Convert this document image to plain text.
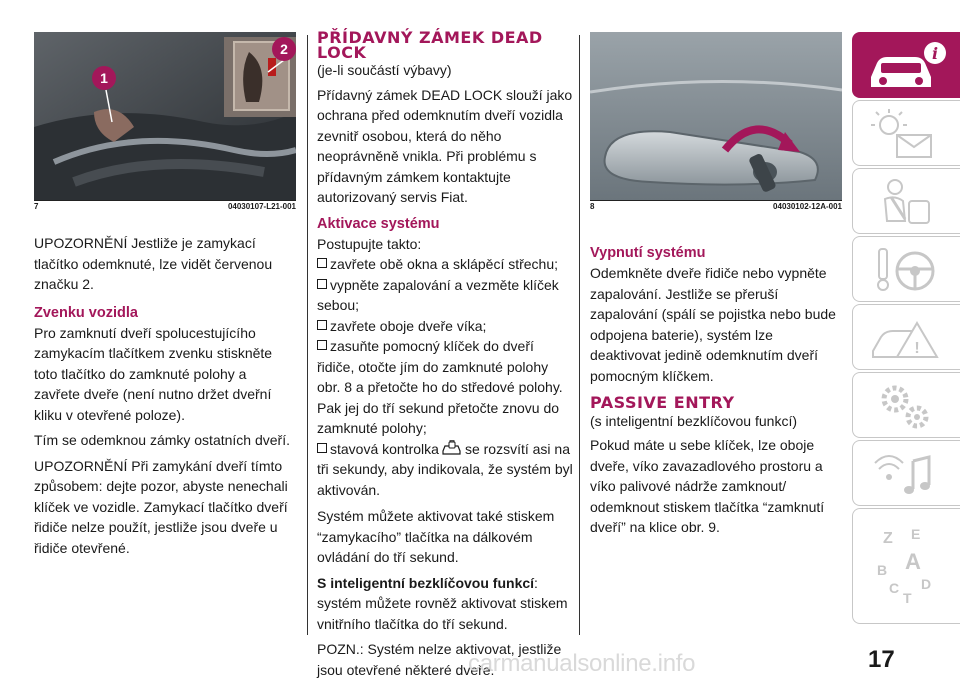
1
2
7	04030107-L21-001

UPOZORNĚNÍ Jestliže je zamykací tlačítko odemknuté, lze vidět červenou značku 2.

Zvenku vozidla

Pro zamknutí dveří spolucestujícího zamykacím tlačítkem zvenku stiskněte toto tlačítko do zamknuté polohy a zavřete dveře (není nutno držet dveřní kliku v otevřené poloze).

Tím se odemknou zámky ostatních dveří.

UPOZORNĚNÍ Při zamykání dveří tímto způsobem: dejte pozor, abyste nenechali klíček ve vozidle. Zamykací tlačítko dveří řidiče nelze použít, jestliže jsou dveře u řidiče otevřené.

PŘÍDAVNÝ ZÁMEK DEAD LOCK

(je-li součástí výbavy)

Přídavný zámek DEAD LOCK slouží jako ochrana před odemknutím dveří vozidla zevnitř osobou, která do něho neoprávněně vnikla. Při problému s přídavným zámkem kontaktujte autorizovaný servis Fiat.

Aktivace systému

Postupujte takto:

zavřete obě okna a sklápěcí střechu;

vypněte zapalování a vezměte klíček sebou;

zavřete oboje dveře víka;

zasuňte pomocný klíček do dveří řidiče, otočte jím do zamknuté polohy obr. 8 a přetočte ho do středové polohy. Pak jej do tří sekund přetočte znovu do zamknuté polohy;

stavová kontrolka se rozsvítí asi na tři sekundy, aby indikovala, že systém byl aktivován.

Systém můžete aktivovat také stiskem “zamykacího” tlačítka na dálkovém ovládání do tří sekund.

S inteligentní bezklíčovou funkcí: systém můžete rovněž aktivovat stiskem vnitřního tlačítka do tří sekund.

POZN.: Systém nelze aktivovat, jestliže jsou otevřené některé dveře.

8	04030102-12A-001
Vypnutí systému

Odemkněte dveře řidiče nebo vypněte zapalování. Jestliže se přeruší zapalování (spálí se pojistka nebo bude odpojena baterie), systém lze deaktivovat jedině odemknutím dveří pomocným klíčkem.

PASSIVE ENTRY

(s inteligentní bezklíčovou funkcí)

Pokud máte u sebe klíček, lze oboje dveře, víko zavazadlového prostoru a víko palivové nádrže zamknout/ odemknout stiskem tlačítka “zamknutí dveří” na klice obr. 9.

i
!
Z E
B A
C
T
D
carmanualsonline.info	17
